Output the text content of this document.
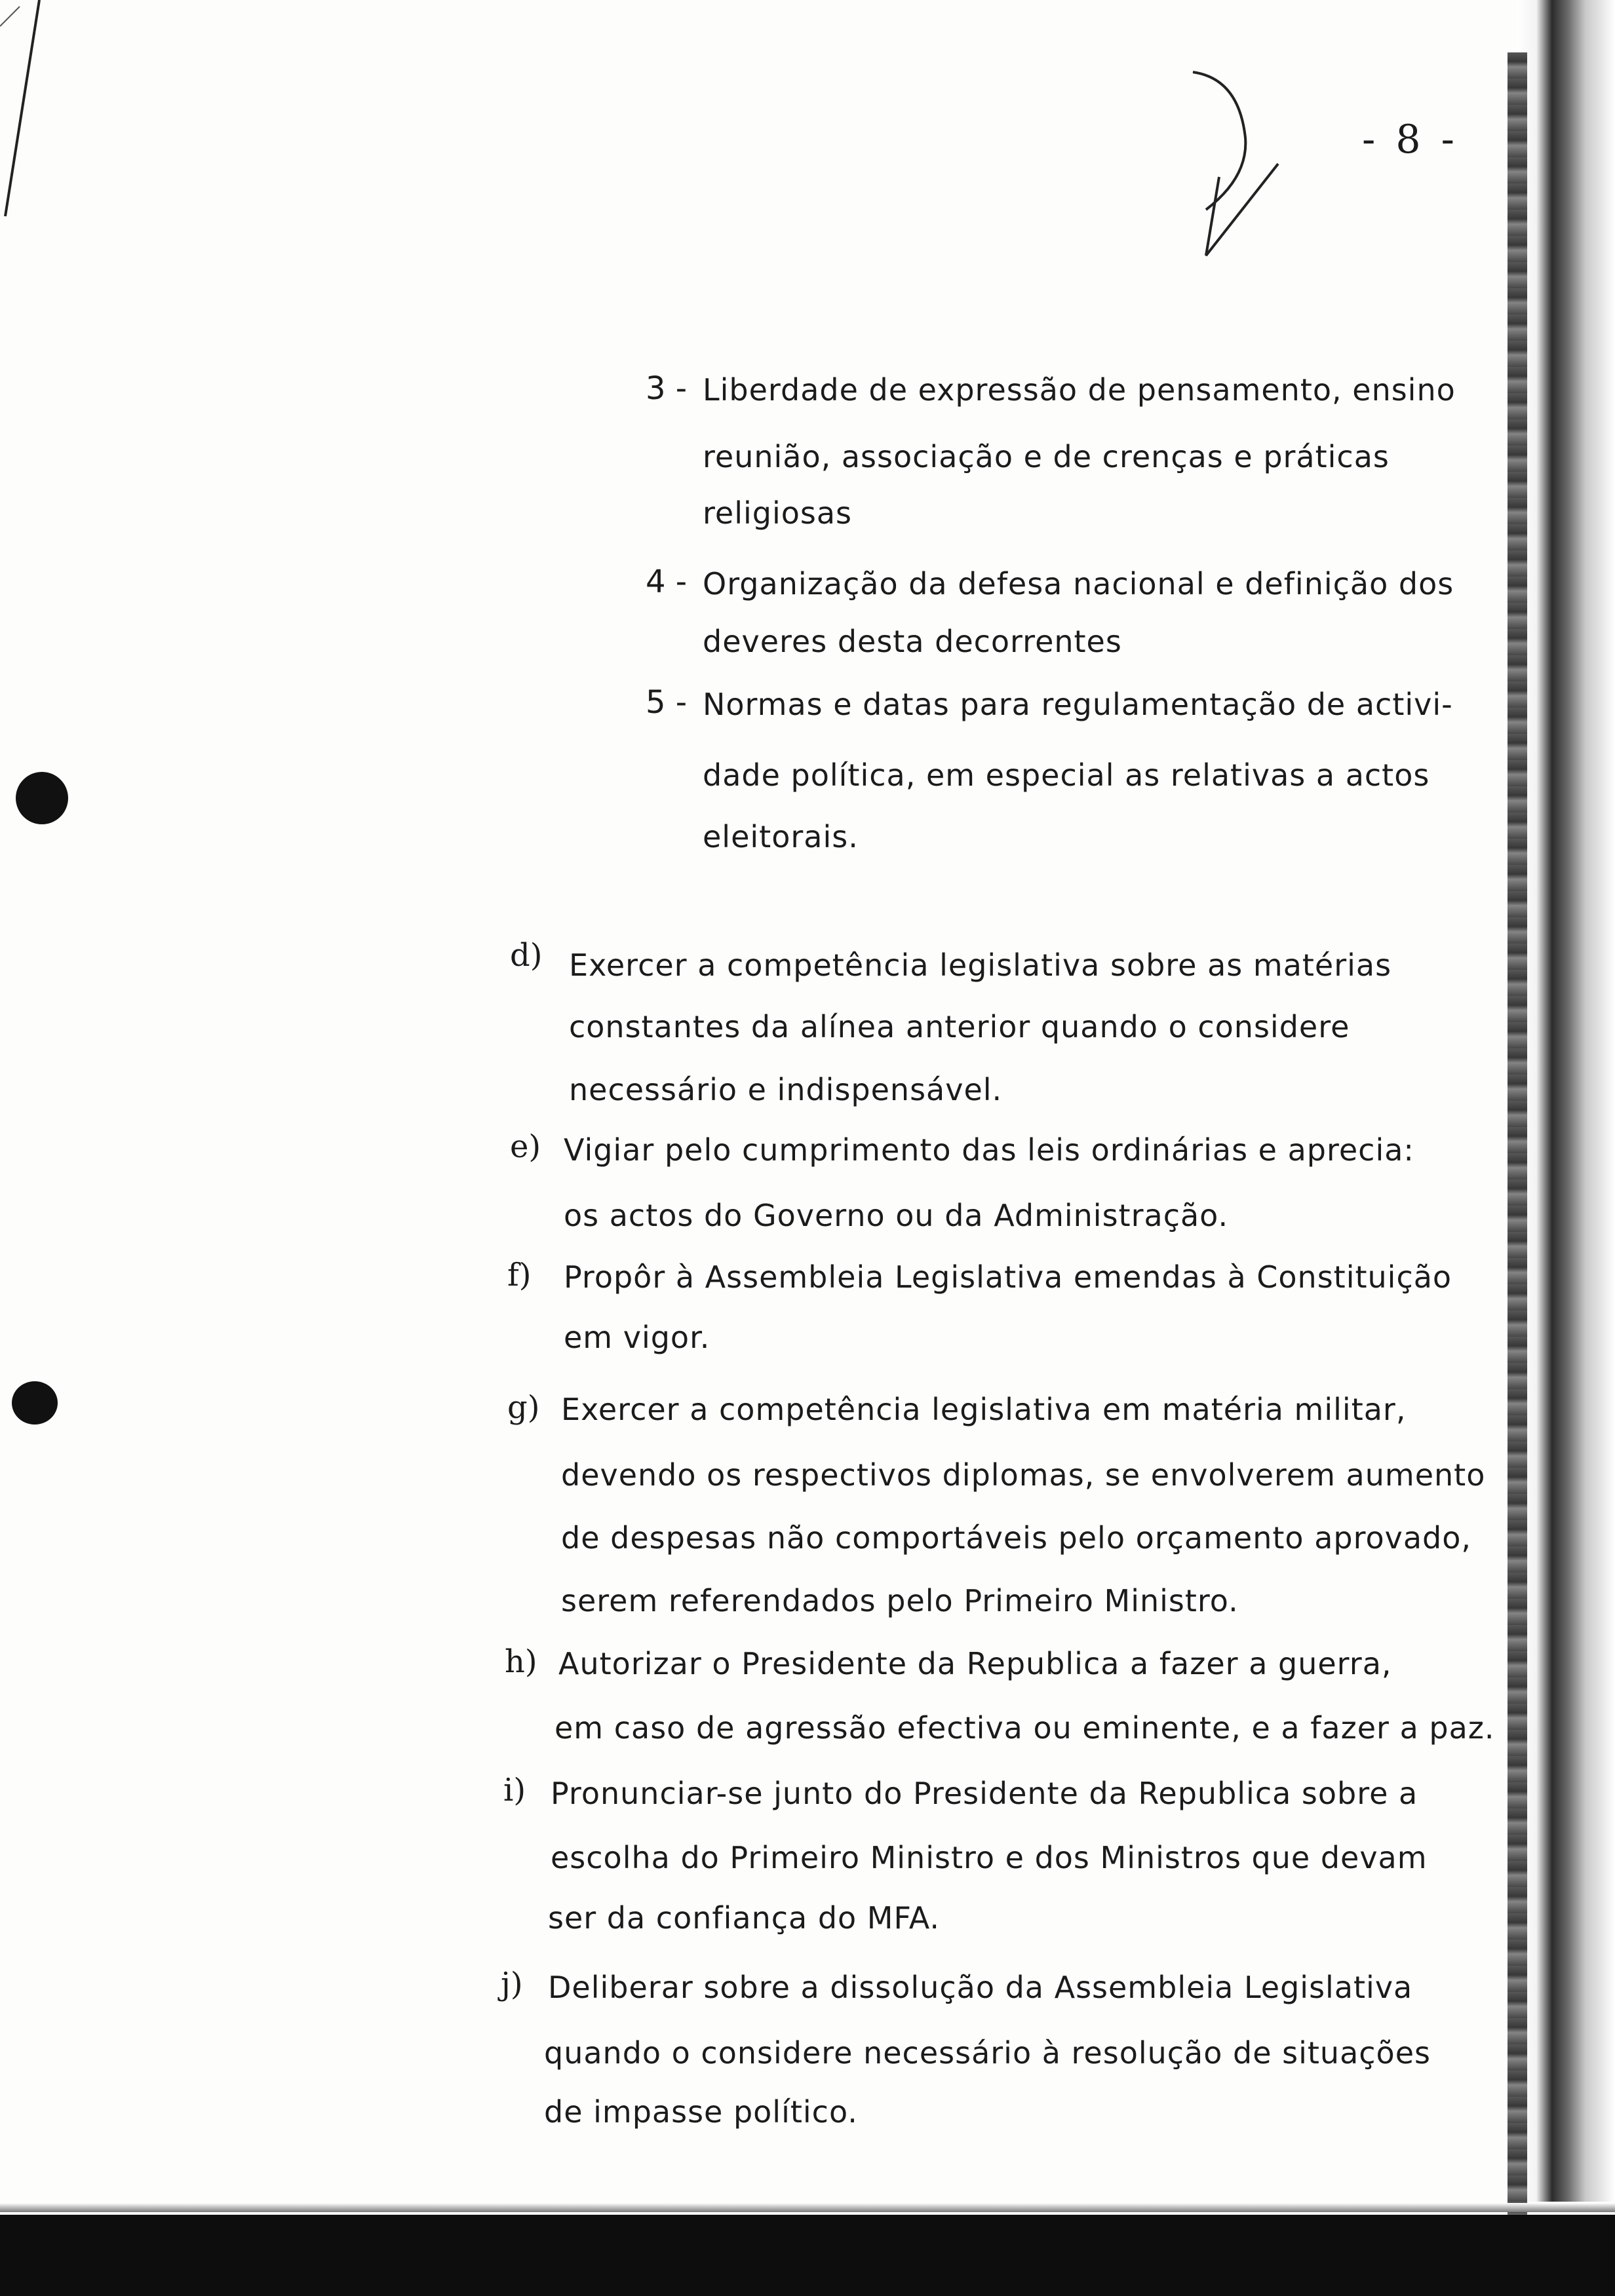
- 8 -
3 - Liberdade de expressão de pensamento, ensino
reunião, associação e de crenças e práticas
religiosas
4 - Organização da defesa nacional e definição dos
deveres desta decorrentes
5 - Normas e datas para regulamentação de activi-
dade política, em especial as relativas a actos
eleitorais.
d) Exercer a competência legislativa sobre as matérias
constantes da alínea anterior quando o considere
necessário e indispensável.
e) Vigiar pelo cumprimento das leis ordinárias e aprecia:
os actos do Governo ou da Administração.
f) Propôr à Assembleia Legislativa emendas à Constituição
em vigor.
g) Exercer a competência legislativa em matéria militar,
devendo os respectivos diplomas, se envolverem aumento
de despesas não comportáveis pelo orçamento aprovado,
serem referendados pelo Primeiro Ministro.
h) Autorizar o Presidente da Republica a fazer a guerra,
em caso de agressão efectiva ou eminente, e a fazer a paz.
i) Pronunciar-se junto do Presidente da Republica sobre a
escolha do Primeiro Ministro e dos Ministros que devam
ser da confiança do MFA.
j) Deliberar sobre a dissolução da Assembleia Legislativa
quando o considere necessário à resolução de situações
de impasse político.
